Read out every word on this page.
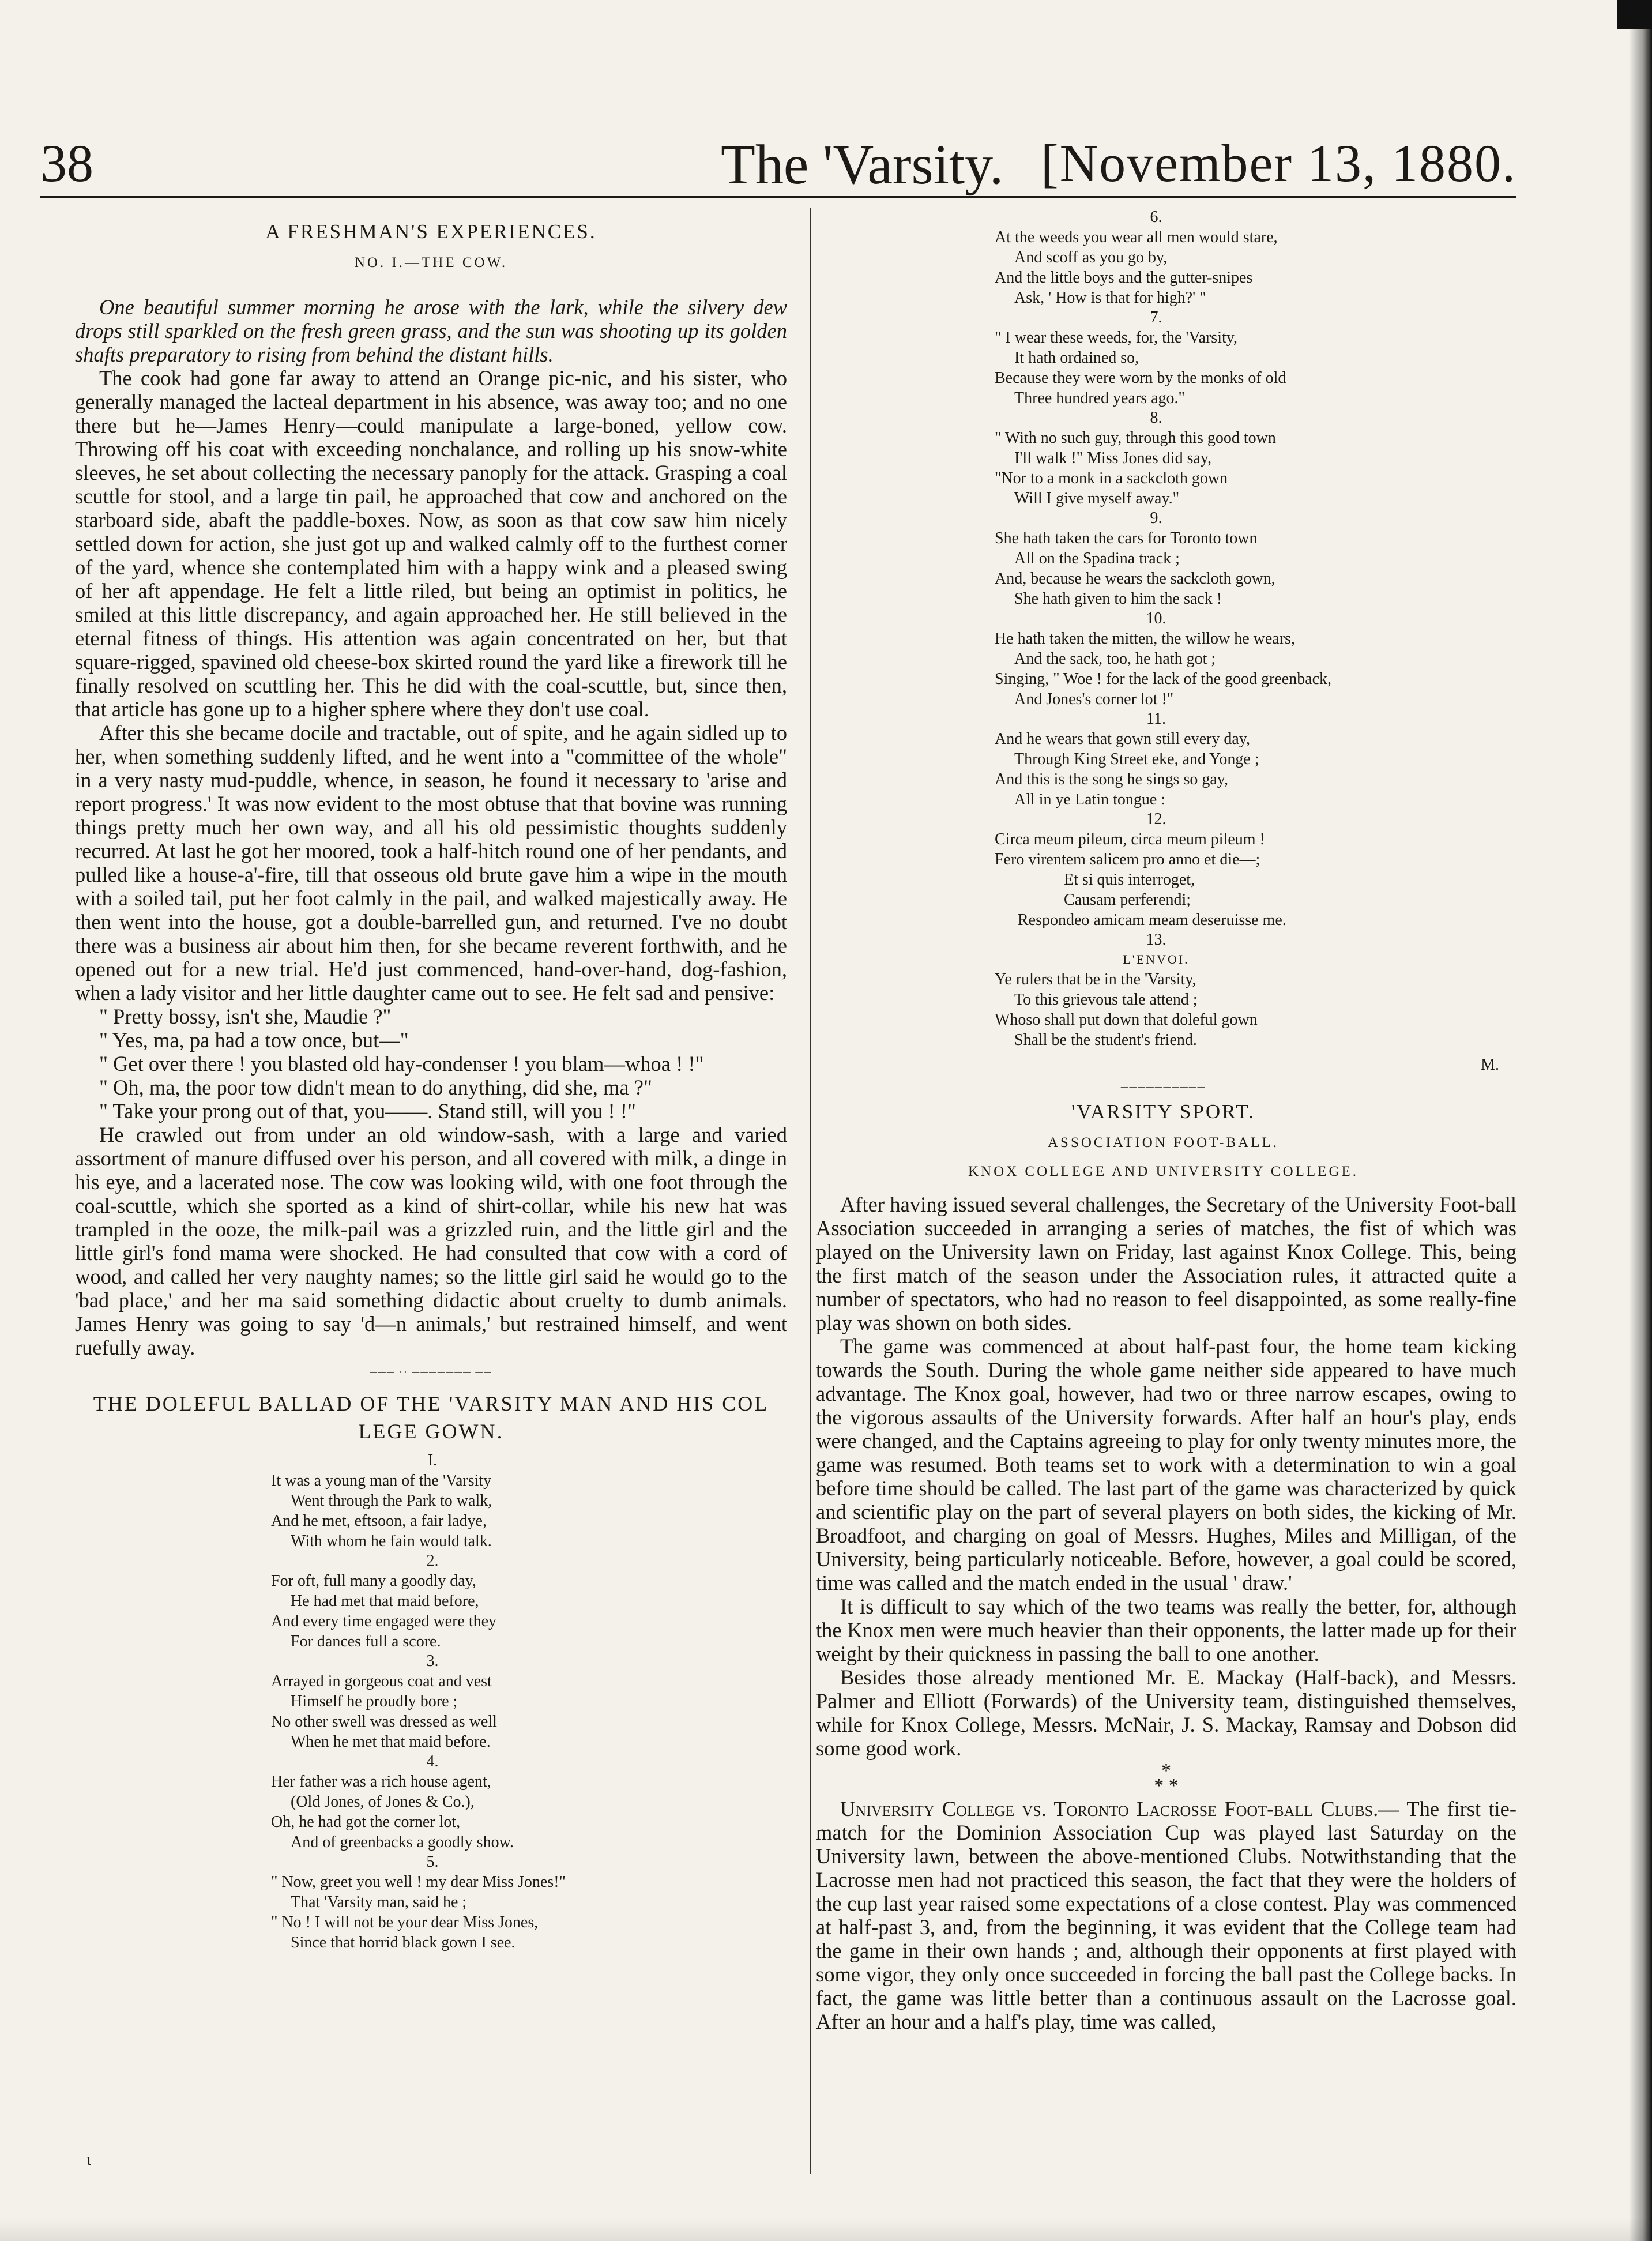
38	The 'Varsity. [November 13, 1880.
A FRESHMAN'S EXPERIENCES.
NO. I.—THE COW.

One beautiful summer morning he arose with the lark, while the silvery dew drops still sparkled on the fresh green grass, and the sun was shooting up its golden shafts preparatory to rising from behind the distant hills.

The cook had gone far away to attend an Orange pic-nic, and his sister, who generally managed the lacteal department in his absence, was away too; and no one there but he—James Henry—could manipulate a large-boned, yellow cow. Throwing off his coat with exceeding nonchalance, and rolling up his snow-white sleeves, he set about collecting the necessary panoply for the attack. Grasping a coal scuttle for stool, and a large tin pail, he approached that cow and anchored on the starboard side, abaft the paddle-boxes. Now, as soon as that cow saw him nicely settled down for action, she just got up and walked calmly off to the furthest corner of the yard, whence she contemplated him with a happy wink and a pleased swing of her aft appendage. He felt a little riled, but being an optimist in politics, he smiled at this little discrepancy, and again approached her. He still believed in the eternal fitness of things. His attention was again concentrated on her, but that square-rigged, spavined old cheese-box skirted round the yard like a firework till he finally resolved on scuttling her. This he did with the coal-scuttle, but, since then, that article has gone up to a higher sphere where they don't use coal.

After this she became docile and tractable, out of spite, and he again sidled up to her, when something suddenly lifted, and he went into a "committee of the whole" in a very nasty mud-puddle, whence, in season, he found it necessary to 'arise and report progress.' It was now evident to the most obtuse that that bovine was running things pretty much her own way, and all his old pessimistic thoughts suddenly recurred. At last he got her moored, took a half-hitch round one of her pendants, and pulled like a house-a'-fire, till that osseous old brute gave him a wipe in the mouth with a soiled tail, put her foot calmly in the pail, and walked majestically away. He then went into the house, got a double-barrelled gun, and returned. I've no doubt there was a business air about him then, for she became reverent forthwith, and he opened out for a new trial. He'd just commenced, hand-over-hand, dog-fashion, when a lady visitor and her little daughter came out to see. He felt sad and pensive:

" Pretty bossy, isn't she, Maudie ?"

" Yes, ma, pa had a tow once, but—"

" Get over there ! you blasted old hay-condenser ! you blam—whoa ! !"

" Oh, ma, the poor tow didn't mean to do anything, did she, ma ?"

" Take your prong out of that, you——. Stand still, will you ! !"

He crawled out from under an old window-sash, with a large and varied assortment of manure diffused over his person, and all covered with milk, a dinge in his eye, and a lacerated nose. The cow was looking wild, with one foot through the coal-scuttle, which she sported as a kind of shirt-collar, while his new hat was trampled in the ooze, the milk-pail was a grizzled ruin, and the little girl and the little girl's fond mama were shocked. He had consulted that cow with a cord of wood, and called her very naughty names; so the little girl said he would go to the 'bad place,' and her ma said something didactic about cruelty to dumb animals. James Henry was going to say 'd—n animals,' but restrained himself, and went ruefully away.

─── ·· ─────── ──
THE DOLEFUL BALLAD OF THE 'VARSITY MAN AND HIS COL LEGE GOWN.
I.
It was a young man of the 'Varsity
Went through the Park to walk,
And he met, eftsoon, a fair ladye,
With whom he fain would talk.
2.
For oft, full many a goodly day,
He had met that maid before,
And every time engaged were they
For dances full a score.
3.
Arrayed in gorgeous coat and vest
Himself he proudly bore ;
No other swell was dressed as well
When he met that maid before.
4.
Her father was a rich house agent,
(Old Jones, of Jones & Co.),
Oh, he had got the corner lot,
And of greenbacks a goodly show.
5.
" Now, greet you well ! my dear Miss Jones!"
That 'Varsity man, said he ;
" No ! I will not be your dear Miss Jones,
Since that horrid black gown I see.
6.
At the weeds you wear all men would stare,
And scoff as you go by,
And the little boys and the gutter-snipes
Ask, ' How is that for high?' "
7.
" I wear these weeds, for, the 'Varsity,
It hath ordained so,
Because they were worn by the monks of old
Three hundred years ago."
8.
" With no such guy, through this good town
I'll walk !" Miss Jones did say,
"Nor to a monk in a sackcloth gown
Will I give myself away."
9.
She hath taken the cars for Toronto town
All on the Spadina track ;
And, because he wears the sackcloth gown,
She hath given to him the sack !
10.
He hath taken the mitten, the willow he wears,
And the sack, too, he hath got ;
Singing, " Woe ! for the lack of the good greenback,
And Jones's corner lot !"
11.
And he wears that gown still every day,
Through King Street eke, and Yonge ;
And this is the song he sings so gay,
All in ye Latin tongue :
12.
Circa meum pileum, circa meum pileum !
Fero virentem salicem pro anno et die—;
Et si quis interroget,
Causam perferendi;
Respondeo amicam meam deseruisse me.
13.
L'ENVOI.
Ye rulers that be in the 'Varsity,
To this grievous tale attend ;
Whoso shall put down that doleful gown
Shall be the student's friend.
M.
──────────
'VARSITY SPORT.
ASSOCIATION FOOT-BALL.
KNOX COLLEGE AND UNIVERSITY COLLEGE.

After having issued several challenges, the Secretary of the University Foot-ball Association succeeded in arranging a series of matches, the fist of which was played on the University lawn on Friday, last against Knox College. This, being the first match of the season under the Association rules, it attracted quite a number of spectators, who had no reason to feel disappointed, as some really-fine play was shown on both sides.

The game was commenced at about half-past four, the home team kicking towards the South. During the whole game neither side appeared to have much advantage. The Knox goal, however, had two or three narrow escapes, owing to the vigorous assaults of the University forwards. After half an hour's play, ends were changed, and the Captains agreeing to play for only twenty minutes more, the game was resumed. Both teams set to work with a determination to win a goal before time should be called. The last part of the game was characterized by quick and scientific play on the part of several players on both sides, the kicking of Mr. Broadfoot, and charging on goal of Messrs. Hughes, Miles and Milligan, of the University, being particularly noticeable. Before, however, a goal could be scored, time was called and the match ended in the usual ' draw.'

It is difficult to say which of the two teams was really the better, for, although the Knox men were much heavier than their opponents, the latter made up for their weight by their quickness in passing the ball to one another.

Besides those already mentioned Mr. E. Mackay (Half-back), and Messrs. Palmer and Elliott (Forwards) of the University team, distinguished themselves, while for Knox College, Messrs. McNair, J. S. Mackay, Ramsay and Dobson did some good work.

*
* *

University College vs. Toronto Lacrosse Foot-ball Clubs.— The first tie-match for the Dominion Association Cup was played last Saturday on the University lawn, between the above-mentioned Clubs. Notwithstanding that the Lacrosse men had not practiced this season, the fact that they were the holders of the cup last year raised some expectations of a close contest. Play was commenced at half-past 3, and, from the beginning, it was evident that the College team had the game in their own hands ; and, although their opponents at first played with some vigor, they only once succeeded in forcing the ball past the College backs. In fact, the game was little better than a continuous assault on the Lacrosse goal. After an hour and a half's play, time was called,

ɩ
